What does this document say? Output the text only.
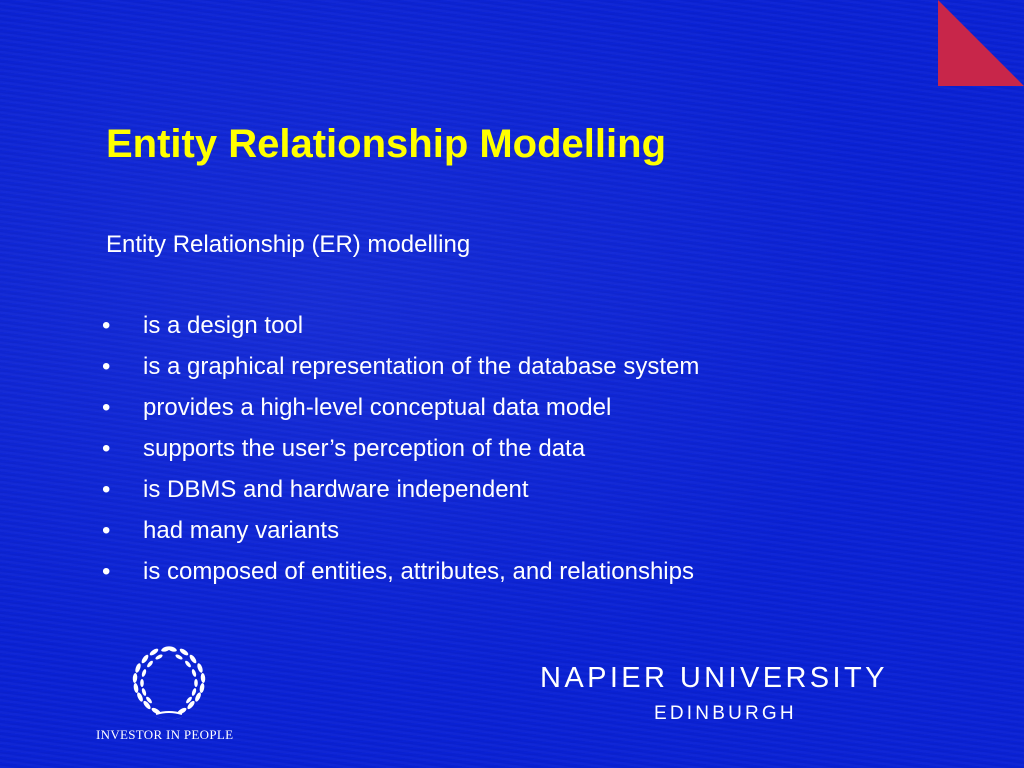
Entity Relationship Modelling

Entity Relationship (ER) modelling

•	is a design tool
•	is a graphical representation of the database system
•	provides a high-level conceptual data model
•	supports the user’s perception of the data
•	is DBMS and hardware independent
•	had many variants
•	is composed of entities, attributes, and relationships
INVESTOR IN PEOPLE
NAPIER UNIVERSITY
EDINBURGH
